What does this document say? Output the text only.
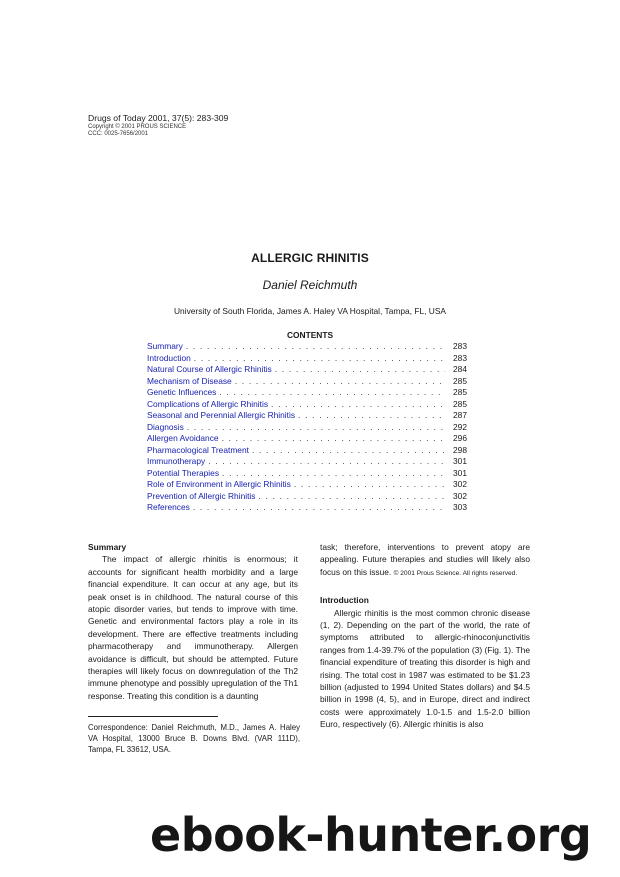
Drugs of Today 2001, 37(5): 283-309
Copyright © 2001 PROUS SCIENCE
CCC: 0025-7656/2001
ALLERGIC RHINITIS
Daniel Reichmuth
University of South Florida, James A. Haley VA Hospital, Tampa, FL, USA
CONTENTS
Summary . . .	283
Introduction . . .	283
Natural Course of Allergic Rhinitis . . .	284
Mechanism of Disease . . .	285
Genetic Influences . . .	285
Complications of Allergic Rhinitis . . .	285
Seasonal and Perennial Allergic Rhinitis . . .	287
Diagnosis . . .	292
Allergen Avoidance . . .	296
Pharmacological Treatment . . .	298
Immunotherapy . . .	301
Potential Therapies . . .	301
Role of Environment in Allergic Rhinitis . . .	302
Prevention of Allergic Rhinitis . . .	302
References . . .	303
Summary

The impact of allergic rhinitis is enormous; it accounts for significant health morbidity and a large financial expenditure. It can occur at any age, but its peak onset is in childhood. The natural course of this atopic disorder varies, but tends to improve with time. Genetic and environmental factors play a role in its development. There are effective treatments including pharmacotherapy and immunotherapy. Allergen avoidance is difficult, but should be attempted. Future therapies will likely focus on downregulation of the Th2 immune phenotype and possibly upregulation of the Th1 response. Treating this condition is a daunting

Correspondence: Daniel Reichmuth, M.D., James A. Haley VA Hospital, 13000 Bruce B. Downs Blvd. (VAR 111D), Tampa, FL 33612, USA.

task; therefore, interventions to prevent atopy are appealing. Future therapies and studies will likely also focus on this issue. © 2001 Prous Science. All rights reserved.

Introduction

Allergic rhinitis is the most common chronic disease (1, 2). Depending on the part of the world, the rate of symptoms attributed to allergic-rhinoconjunctivitis ranges from 1.4-39.7% of the population (3) (Fig. 1). The financial expenditure of treating this disorder is high and rising. The total cost in 1987 was estimated to be $1.23 billion (adjusted to 1994 United States dollars) and $4.5 billion in 1998 (4, 5), and in Europe, direct and indirect costs were approximately 1.0-1.5 and 1.5-2.0 billion Euro, respectively (6). Allergic rhinitis is also

ebook-hunter.org
